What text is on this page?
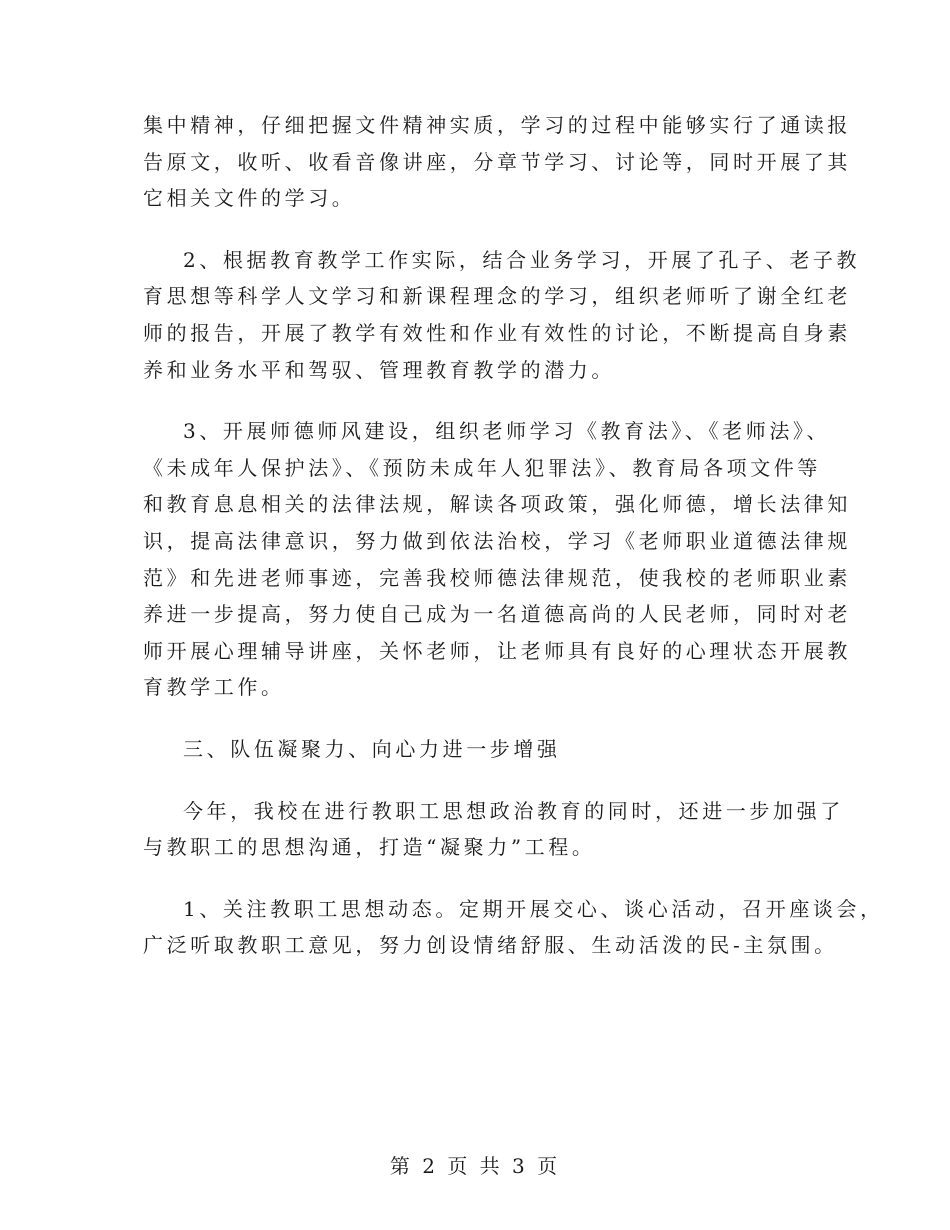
集中精神，仔细把握文件精神实质，学习的过程中能够实行了通读报
告原文，收听、收看音像讲座，分章节学习、讨论等，同时开展了其
它相关文件的学习。
2、根据教育教学工作实际，结合业务学习，开展了孔子、老子教
育思想等科学人文学习和新课程理念的学习，组织老师听了谢全红老
师的报告，开展了教学有效性和作业有效性的讨论，不断提高自身素
养和业务水平和驾驭、管理教育教学的潜力。
3、开展师德师风建设，组织老师学习《教育法》、《老师法》、
《未成年人保护法》、《预防未成年人犯罪法》、教育局各项文件等
和教育息息相关的法律法规，解读各项政策，强化师德，增长法律知
识，提高法律意识，努力做到依法治校，学习《老师职业道德法律规
范》和先进老师事迹，完善我校师德法律规范，使我校的老师职业素
养进一步提高，努力使自己成为一名道德高尚的人民老师，同时对老
师开展心理辅导讲座，关怀老师，让老师具有良好的心理状态开展教
育教学工作。
三、队伍凝聚力、向心力进一步增强
今年，我校在进行教职工思想政治教育的同时，还进一步加强了
与教职工的思想沟通，打造“凝聚力”工程。
1、关注教职工思想动态。定期开展交心、谈心活动，召开座谈会，
广泛听取教职工意见，努力创设情绪舒服、生动活泼的民-主氛围。
第 2 页 共 3 页
